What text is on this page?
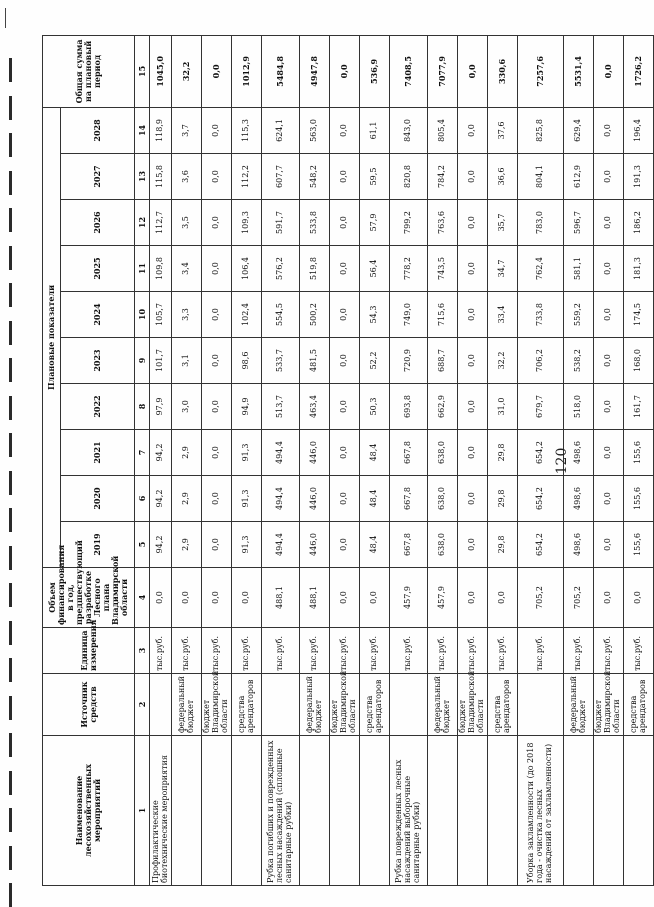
Наименование лесохозяйственных мероприятий	Источник средств	Единица измерения	Объем финансирования в год, предшествующий разработке Лесного плана Владимирской области	Плановые показатели										Общая сумма на плановый период
				2019	2020	2021	2022	2023	2024	2025	2026	2027	2028	
1	2	3	4	5	6	7	8	9	10	11	12	13	14	15
Профилактические биотехнические мероприятия		тыс.руб.	0,0	94,2	94,2	94,2	97,9	101,7	105,7	109,8	112,7	115,8	118,9	1045,0
	федеральный бюджет	тыс.руб.	0,0	2,9	2,9	2,9	3,0	3,1	3,3	3,4	3,5	3,6	3,7	32,2
	бюджет Владимирской области	тыс.руб.	0,0	0,0	0,0	0,0	0,0	0,0	0,0	0,0	0,0	0,0	0,0	0,0
	средства арендаторов	тыс.руб.	0,0	91,3	91,3	91,3	94,9	98,6	102,4	106,4	109,3	112,2	115,3	1012,9
Рубка погибших и поврежденных лесных насаждений (сплошные санитарные рубки)		тыс.руб.	488,1	494,4	494,4	494,4	513,7	533,7	554,5	576,2	591,7	607,7	624,1	5484,8
	федеральный бюджет	тыс.руб.	488,1	446,0	446,0	446,0	463,4	481,5	500,2	519,8	533,8	548,2	563,0	4947,8
	бюджет Владимирской области	тыс.руб.	0,0	0,0	0,0	0,0	0,0	0,0	0,0	0,0	0,0	0,0	0,0	0,0
	средства арендаторов	тыс.руб.	0,0	48,4	48,4	48,4	50,3	52,2	54,3	56,4	57,9	59,5	61,1	536,9
Рубка поврежденных лесных насаждений выборочные санитарные рубки)		тыс.руб.	457,9	667,8	667,8	667,8	693,8	720,9	749,0	778,2	799,2	820,8	843,0	7408,5
	федеральный бюджет	тыс.руб.	457,9	638,0	638,0	638,0	662,9	688,7	715,6	743,5	763,6	784,2	805,4	7077,9
	бюджет Владимирской области	тыс.руб.	0,0	0,0	0,0	0,0	0,0	0,0	0,0	0,0	0,0	0,0	0,0	0,0
	средства арендаторов	тыс.руб.	0,0	29,8	29,8	29,8	31,0	32,2	33,4	34,7	35,7	36,6	37,6	330,6
Уборка захламленности (до 2018 года - очистка лесных насаждений от захламленности)		тыс.руб.	705,2	654,2	654,2	654,2	679,7	706,2	733,8	762,4	783,0	804,1	825,8	7257,6
	федеральный бюджет	тыс.руб.	705,2	498,6	498,6	498,6	518,0	538,2	559,2	581,1	596,7	612,9	629,4	5531,4
	бюджет Владимирской области	тыс.руб.	0,0	0,0	0,0	0,0	0,0	0,0	0,0	0,0	0,0	0,0	0,0	0,0
	средства арендаторов	тыс.руб.	0,0	155,6	155,6	155,6	161,7	168,0	174,5	181,3	186,2	191,3	196,4	1726,2
120
